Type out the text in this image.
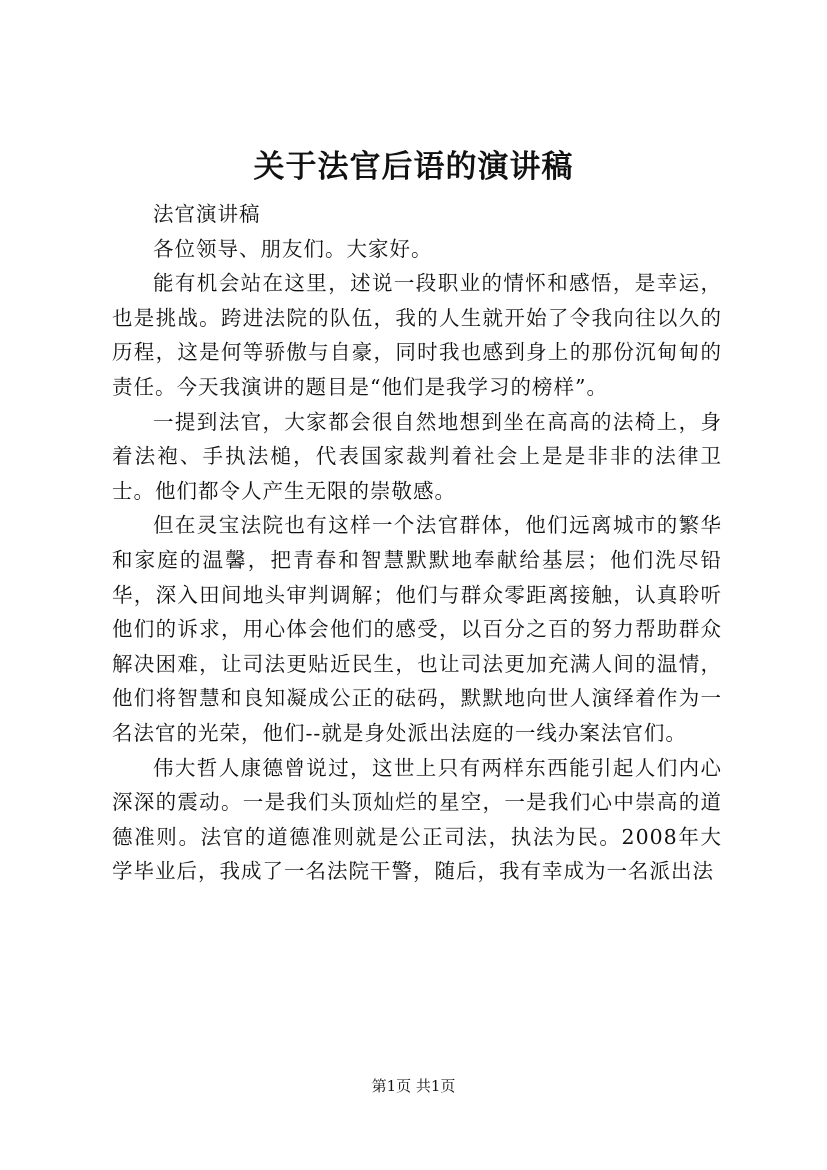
关于法官后语的演讲稿

法官演讲稿

各位领导、朋友们。大家好。

能有机会站在这里，述说一段职业的情怀和感悟，是幸运，也是挑战。跨进法院的队伍，我的人生就开始了令我向往以久的历程，这是何等骄傲与自豪，同时我也感到身上的那份沉甸甸的责任。今天我演讲的题目是“他们是我学习的榜样”。

一提到法官，大家都会很自然地想到坐在高高的法椅上，身着法袍、手执法槌，代表国家裁判着社会上是是非非的法律卫士。他们都令人产生无限的崇敬感。

但在灵宝法院也有这样一个法官群体，他们远离城市的繁华和家庭的温馨，把青春和智慧默默地奉献给基层；他们洗尽铅华，深入田间地头审判调解；他们与群众零距离接触，认真聆听他们的诉求，用心体会他们的感受，以百分之百的努力帮助群众解决困难，让司法更贴近民生，也让司法更加充满人间的温情，他们将智慧和良知凝成公正的砝码，默默地向世人演绎着作为一名法官的光荣，他们--就是身处派出法庭的一线办案法官们。

伟大哲人康德曾说过，这世上只有两样东西能引起人们内心深深的震动。一是我们头顶灿烂的星空，一是我们心中崇高的道德准则。法官的道德准则就是公正司法，执法为民。2008年大学毕业后，我成了一名法院干警，随后，我有幸成为一名派出法

第1页 共1页
